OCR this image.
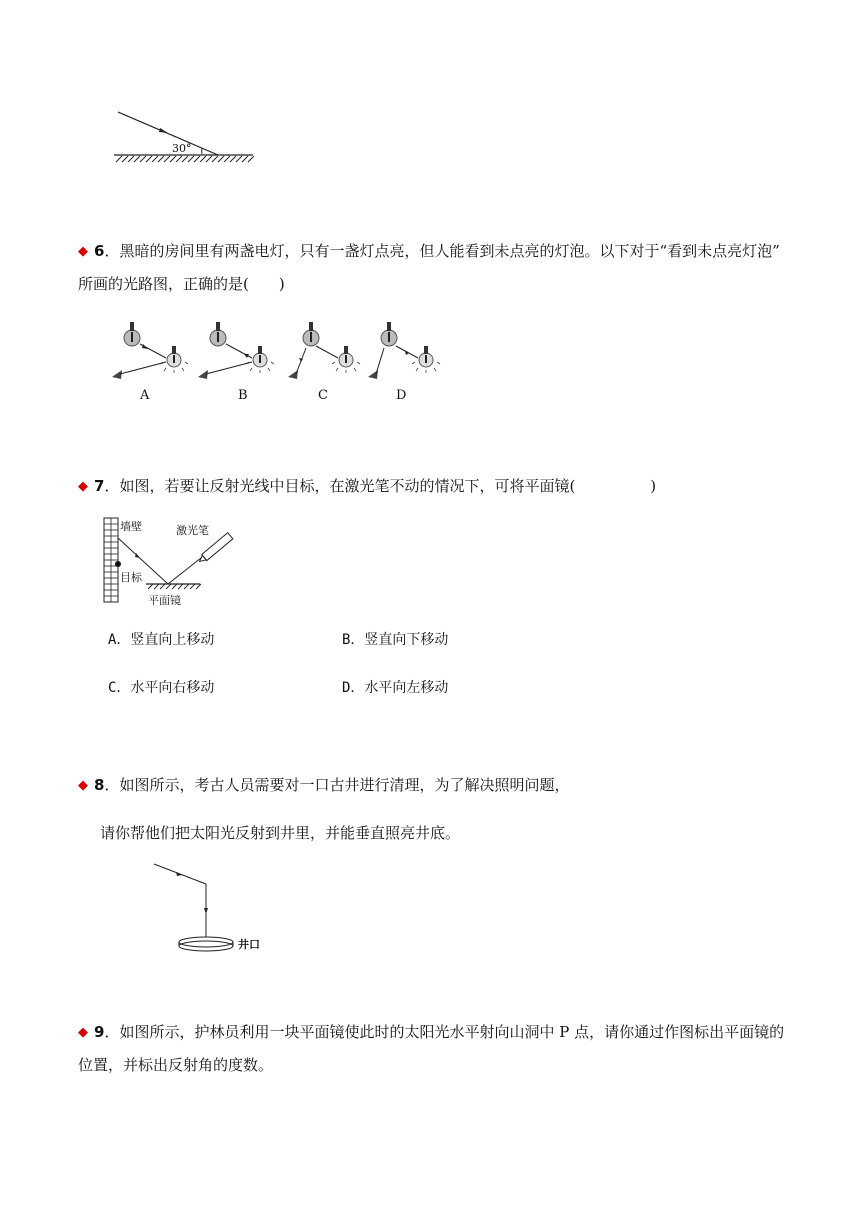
30°
◆ 6．黑暗的房间里有两盏电灯，只有一盏灯点亮，但人能看到未点亮的灯泡。以下对于“看到未点亮灯泡”
所画的光路图，正确的是(　　)
A	B	C	D
◆ 7．如图，若要让反射光线中目标，在激光笔不动的情况下，可将平面镜(　　　　　)
墙壁	激光笔
目标
平面镜
A．竖直向上移动	B．竖直向下移动
C．水平向右移动	D．水平向左移动
◆ 8．如图所示，考古人员需要对一口古井进行清理，为了解决照明问题，
请你帮他们把太阳光反射到井里，并能垂直照亮井底。
井口
◆ 9．如图所示，护林员利用一块平面镜使此时的太阳光水平射向山洞中 P 点，请你通过作图标出平面镜的
位置，并标出反射角的度数。
